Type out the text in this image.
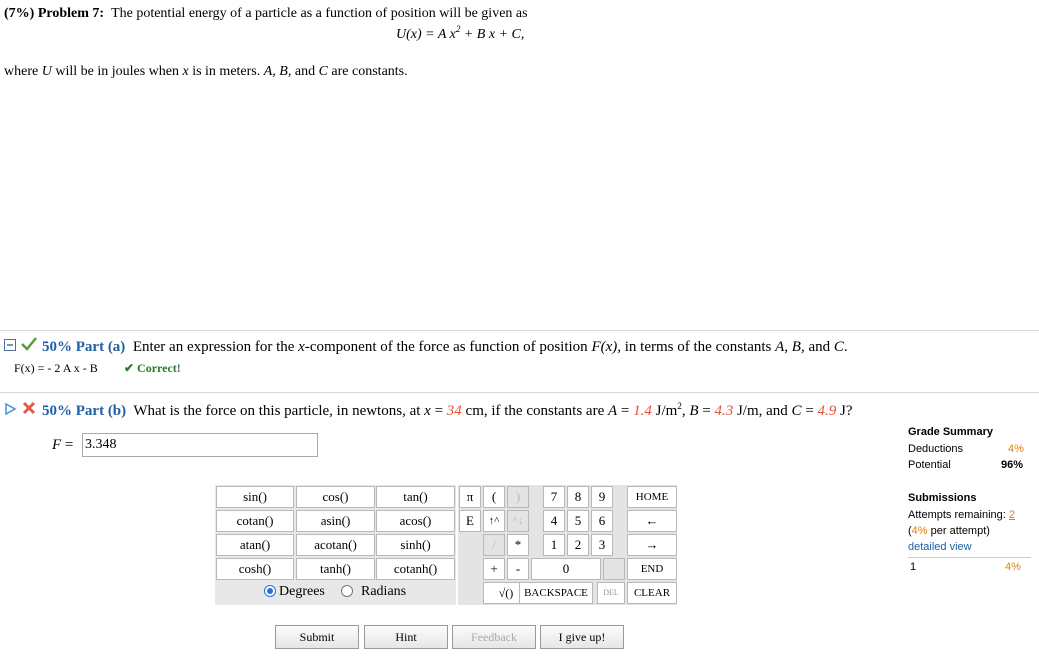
(7%) Problem 7: The potential energy of a particle as a function of position will be given as
U(x) = A $x^2 + B$ x + C,
where U will be in joules when x is in meters. A, B, and C are constants.
50% Part (a) Enter an expression for the x-component of the force as function of position F(x), in terms of the constants A, B, and C.
F(x) = - 2 A x - B ✔ Correct!
50% Part (b) What is the force on this particle, in newtons, at x = 34 cm, if the constants are A = 1.4 $J/m^2$, B = 4.3 J/m, and C = 4.9 J?
F = 3.348
Grade Summary
Deductions	4%
Potential	96%
Submissions
Attempts remaining: 2
(4% per attempt)
detailed view
1	4%
sin()	cos()	tan()
cotan()	asin()	acos()
atan()	acotan()	sinh()
cosh()	tanh()	cotanh()
Degrees	Radians
π	(	)
E	↑^	^↓
/	*
+	-
√()
7	8	9
4	5	6
1	2	3
0
HOME
←
→
END
BACKSPACE	DEL	CLEAR
Submit	Hint	Feedback	I give up!
